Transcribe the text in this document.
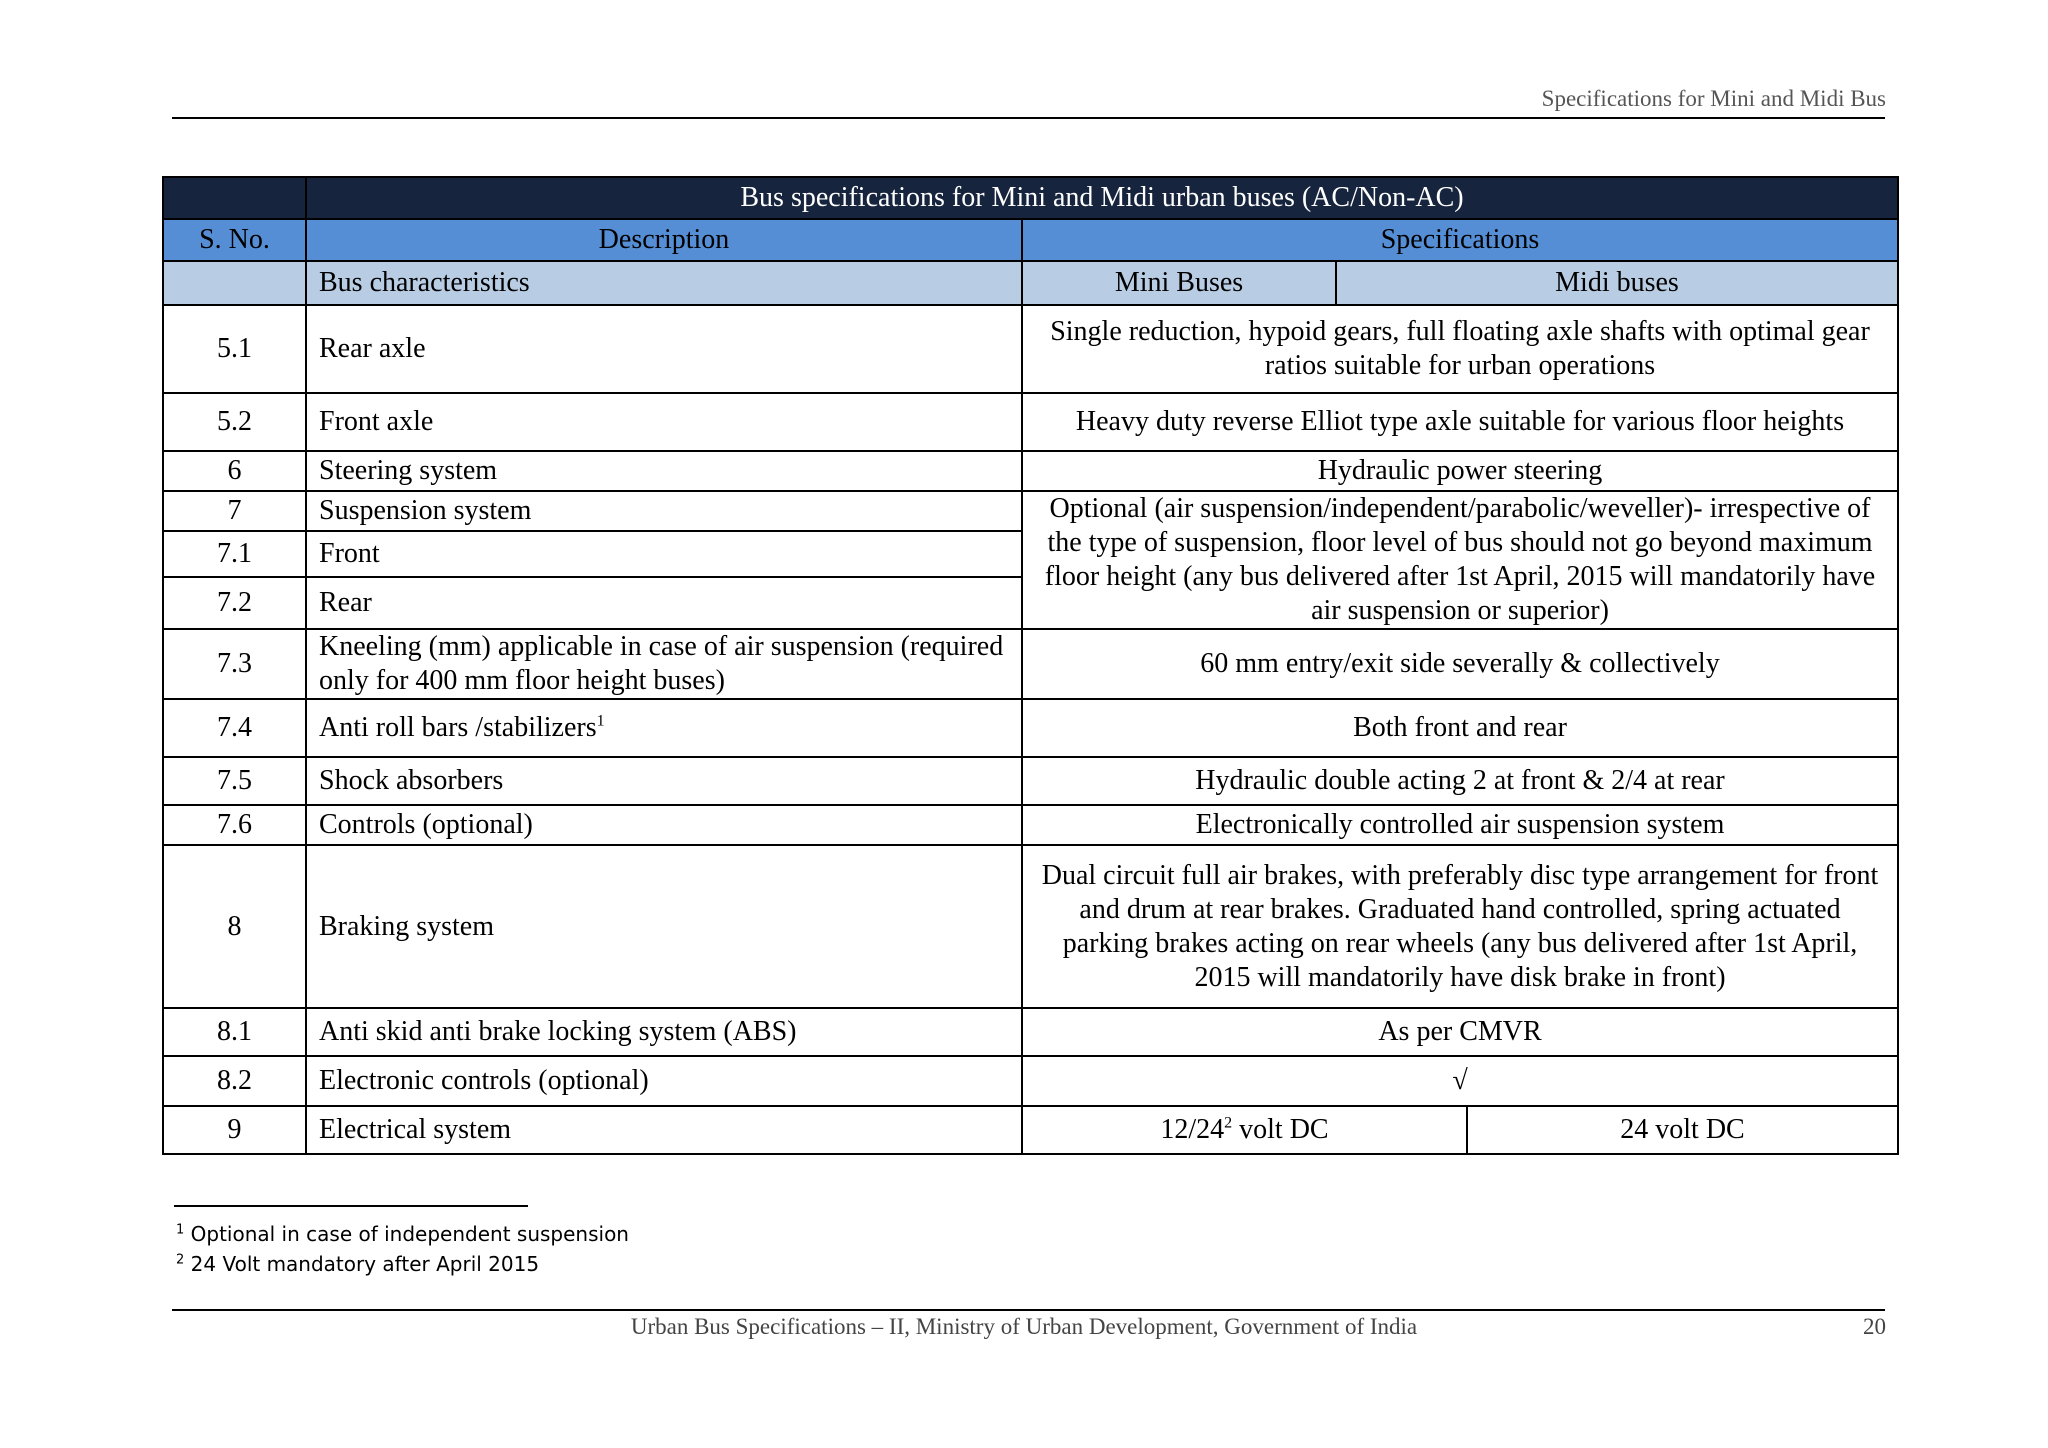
Specifications for Mini and Midi Bus
	Bus specifications for Mini and Midi urban buses (AC/Non-AC)			
S. No.	Description	Specifications		
	Bus characteristics	Mini Buses	Midi buses	
5.1	Rear axle	Single reduction, hypoid gears, full floating axle shafts with optimal gear ratios suitable for urban operations		
5.2	Front axle	Heavy duty reverse Elliot type axle suitable for various floor heights		
6	Steering system	Hydraulic power steering		
7	Suspension system	Optional (air suspension/independent/parabolic/weveller)- irrespective of the type of suspension, floor level of bus should not go beyond maximum floor height (any bus delivered after 1st April, 2015 will mandatorily have air suspension or superior)		
7.1	Front			
7.2	Rear			
7.3	Kneeling (mm) applicable in case of air suspension (required only for 400 mm floor height buses)	60 mm entry/exit side severally & collectively		
7.4	Anti roll bars /stabilizers$^1$	Both front and rear		
7.5	Shock absorbers	Hydraulic double acting 2 at front & 2/4 at rear		
7.6	Controls (optional)	Electronically controlled air suspension system		
8	Braking system	Dual circuit full air brakes, with preferably disc type arrangement for front and drum at rear brakes. Graduated hand controlled, spring actuated parking brakes acting on rear wheels (any bus delivered after 1st April, 2015 will mandatorily have disk brake in front)		
8.1	Anti skid anti brake locking system (ABS)	As per CMVR		
8.2	Electronic controls (optional)	√		
9	Electrical system	$12/24^2$ volt DC		24 volt DC
$^1$ Optional in case of independent suspension
$^2$ 24 Volt mandatory after April 2015
Urban Bus Specifications – II, Ministry of Urban Development, Government of India	20
